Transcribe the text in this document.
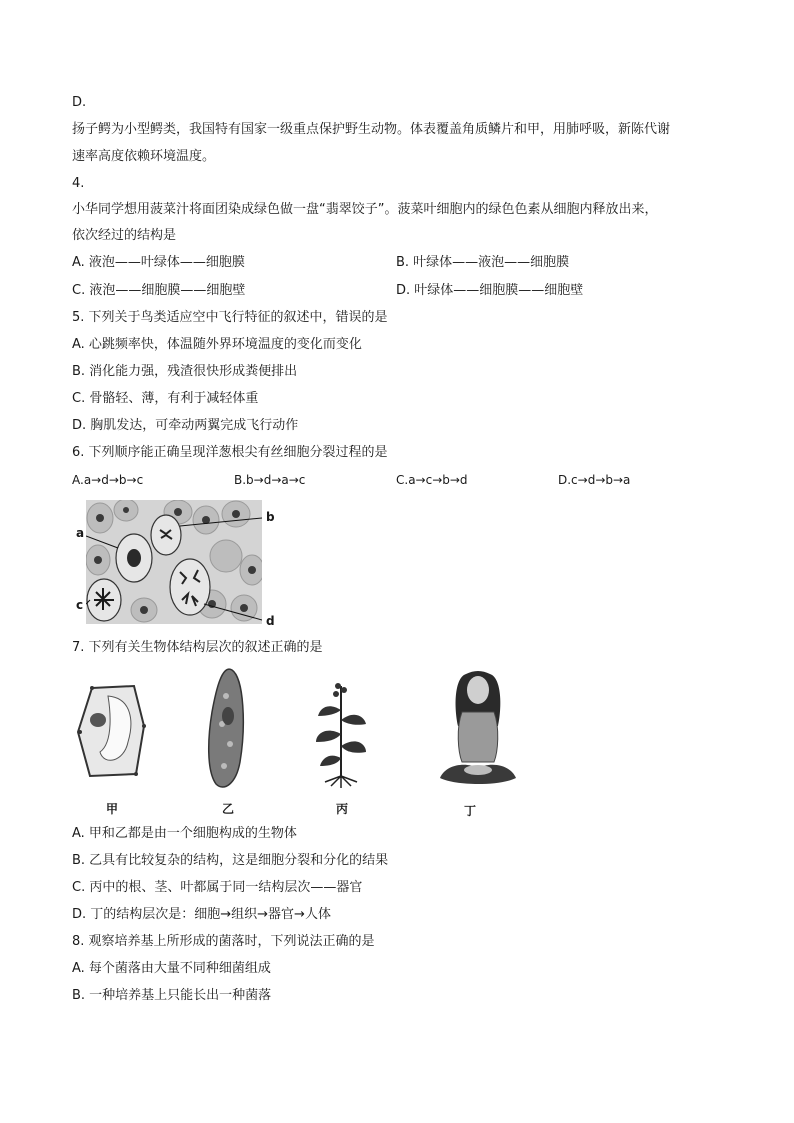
D.
扬子鳄为小型鳄类，我国特有国家一级重点保护野生动物。体表覆盖角质鳞片和甲，用肺呼吸，新陈代谢
速率高度依赖环境温度。
4.
小华同学想用菠菜汁将面团染成绿色做一盘“翡翠饺子”。菠菜叶细胞内的绿色色素从细胞内释放出来，
依次经过的结构是
A. 液泡——叶绿体——细胞膜	B. 叶绿体——液泡——细胞膜
C. 液泡——细胞膜——细胞壁	D. 叶绿体——细胞膜——细胞壁
5. 下列关于鸟类适应空中飞行特征的叙述中，错误的是
A. 心跳频率快，体温随外界环境温度的变化而变化
B. 消化能力强，残渣很快形成粪便排出
C. 骨骼轻、薄，有利于减轻体重
D. 胸肌发达，可牵动两翼完成飞行动作
6. 下列顺序能正确呈现洋葱根尖有丝细胞分裂过程的是
A.a→d→b→c	B.b→d→a→c	C.a→c→b→d	D.c→d→b→a
a
b
c
d
7. 下列有关生物体结构层次的叙述正确的是
甲	乙	丙	丁
A. 甲和乙都是由一个细胞构成的生物体
B. 乙具有比较复杂的结构，这是细胞分裂和分化的结果
C. 丙中的根、茎、叶都属于同一结构层次——器官
D. 丁的结构层次是：细胞→组织→器官→人体
8. 观察培养基上所形成的菌落时，下列说法正确的是
A. 每个菌落由大量不同种细菌组成
B. 一种培养基上只能长出一种菌落
